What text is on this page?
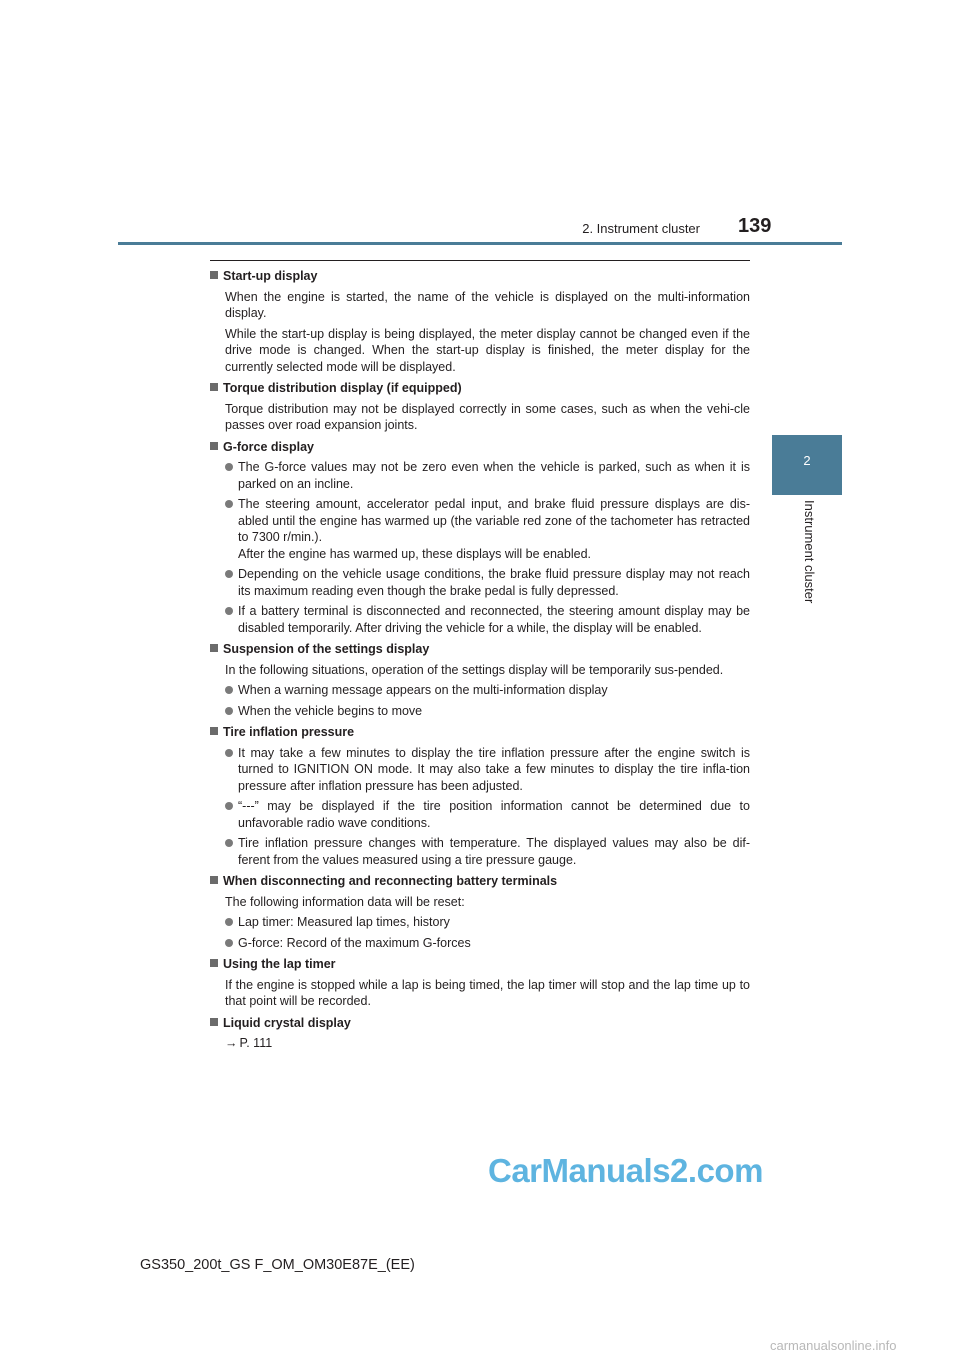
2. Instrument cluster 139
2
Instrument cluster
Start-up display
When the engine is started, the name of the vehicle is displayed on the multi-information display.
While the start-up display is being displayed, the meter display cannot be changed even if the drive mode is changed. When the start-up display is finished, the meter display for the currently selected mode will be displayed.
Torque distribution display (if equipped)
Torque distribution may not be displayed correctly in some cases, such as when the vehi-cle passes over road expansion joints.
G-force display

The G-force values may not be zero even when the vehicle is parked, such as when it is parked on an incline.

The steering amount, accelerator pedal input, and brake fluid pressure displays are dis-abled until the engine has warmed up (the variable red zone of the tachometer has retracted to 7300 r/min.).

After the engine has warmed up, these displays will be enabled.

Depending on the vehicle usage conditions, the brake fluid pressure display may not reach its maximum reading even though the brake pedal is fully depressed.

If a battery terminal is disconnected and reconnected, the steering amount display may be disabled temporarily. After driving the vehicle for a while, the display will be enabled.

Suspension of the settings display
In the following situations, operation of the settings display will be temporarily sus-pended.

When a warning message appears on the multi-information display

When the vehicle begins to move

Tire inflation pressure

It may take a few minutes to display the tire inflation pressure after the engine switch is turned to IGNITION ON mode. It may also take a few minutes to display the tire infla-tion pressure after inflation pressure has been adjusted.

“---” may be displayed if the tire position information cannot be determined due to unfavorable radio wave conditions.

Tire inflation pressure changes with temperature. The displayed values may also be dif-ferent from the values measured using a tire pressure gauge.

When disconnecting and reconnecting battery terminals
The following information data will be reset:

Lap timer: Measured lap times, history

G-force: Record of the maximum G-forces

Using the lap timer
If the engine is stopped while a lap is being timed, the lap timer will stop and the lap time up to that point will be recorded.
Liquid crystal display
→ P. 111
GS350_200t_GS F_OM_OM30E87E_(EE)
CarManuals2.com
carmanualsonline.info
